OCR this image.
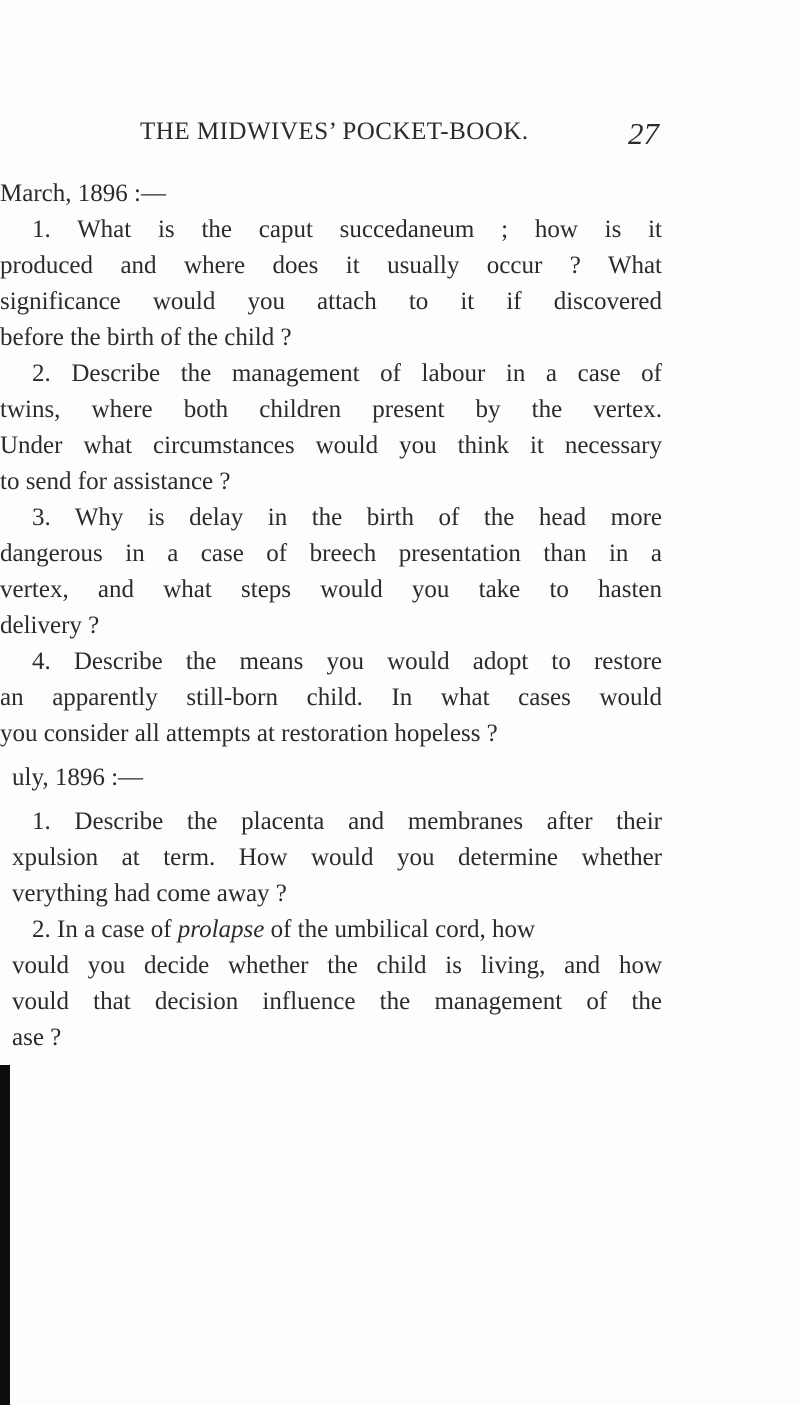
THE MIDWIVES’ POCKET-BOOK.	27
March, 1896 :—
1. What is the caput succedaneum ; how is it
produced and where does it usually occur ? What
significance would you attach to it if discovered
before the birth of the child ?
2. Describe the management of labour in a case of
twins, where both children present by the vertex.
Under what circumstances would you think it necessary
to send for assistance ?
3. Why is delay in the birth of the head more
dangerous in a case of breech presentation than in a
vertex, and what steps would you take to hasten
delivery ?
4. Describe the means you would adopt to restore
an apparently still-born child. In what cases would
you consider all attempts at restoration hopeless ?
uly, 1896 :—
1. Describe the placenta and membranes after their
xpulsion at term. How would you determine whether
verything had come away ?
2. In a case of prolapse of the umbilical cord, how
vould you decide whether the child is living, and how
vould that decision influence the management of the
ase ?
